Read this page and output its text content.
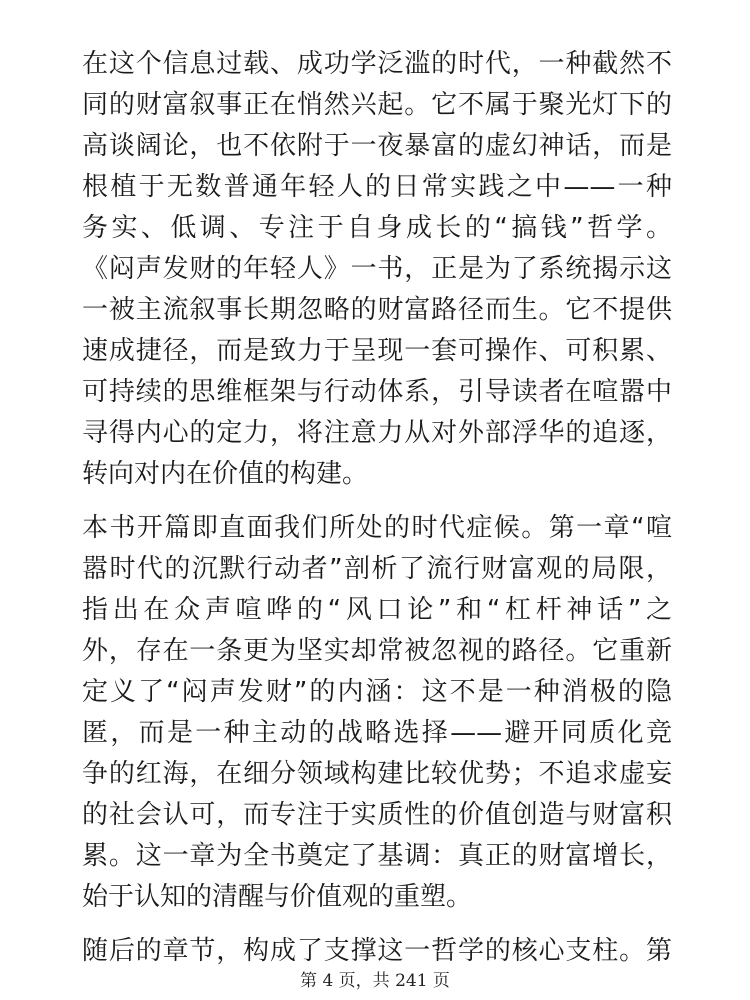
在这个信息过载、成功学泛滥的时代，一种截然不
同的财富叙事正在悄然兴起。它不属于聚光灯下的
高谈阔论，也不依附于一夜暴富的虚幻神话，而是
根植于无数普通年轻人的日常实践之中——一种
务实、低调、专注于自身成长的“搞钱”哲学。
《闷声发财的年轻人》一书，正是为了系统揭示这
一被主流叙事长期忽略的财富路径而生。它不提供
速成捷径，而是致力于呈现一套可操作、可积累、
可持续的思维框架与行动体系，引导读者在喧嚣中
寻得内心的定力，将注意力从对外部浮华的追逐，
转向对内在价值的构建。
本书开篇即直面我们所处的时代症候。第一章“喧
嚣时代的沉默行动者”剖析了流行财富观的局限，
指出在众声喧哗的“风口论”和“杠杆神话”之
外，存在一条更为坚实却常被忽视的路径。它重新
定义了“闷声发财”的内涵：这不是一种消极的隐
匿，而是一种主动的战略选择——避开同质化竞
争的红海，在细分领域构建比较优势；不追求虚妄
的社会认可，而专注于实质性的价值创造与财富积
累。这一章为全书奠定了基调：真正的财富增长，
始于认知的清醒与价值观的重塑。
随后的章节，构成了支撑这一哲学的核心支柱。第
第 4 页，共 241 页
